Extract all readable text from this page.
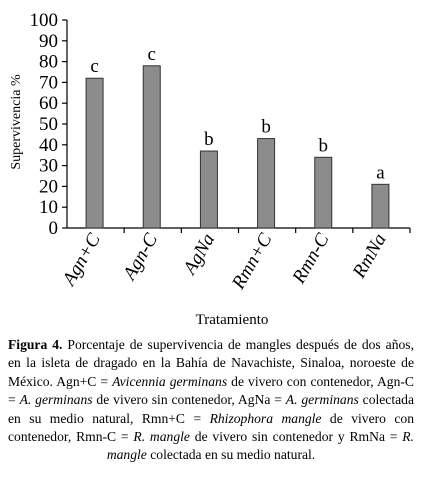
0
10
20
30
40
50
60
70
80
90
100
Supervivencia %
c
Agn+C
c
Agn-C
b
AgNa
b
Rmn+C
b
Rmn-C
a
RmNa
Tratamiento
Figura 4. Porcentaje de supervivencia de mangles después de dos años, en la isleta de dragado en la Bahía de Navachiste, Sinaloa, noroeste de México. Agn+C = Avicennia germinans de vivero con contenedor, Agn-C = A. germinans de vivero sin contenedor, AgNa = A. germinans colectada en su medio natural, Rmn+C = Rhizophora mangle de vivero con contenedor, Rmn-C = R. mangle de vivero sin contenedor y RmNa = R. mangle colectada en su medio natural.
